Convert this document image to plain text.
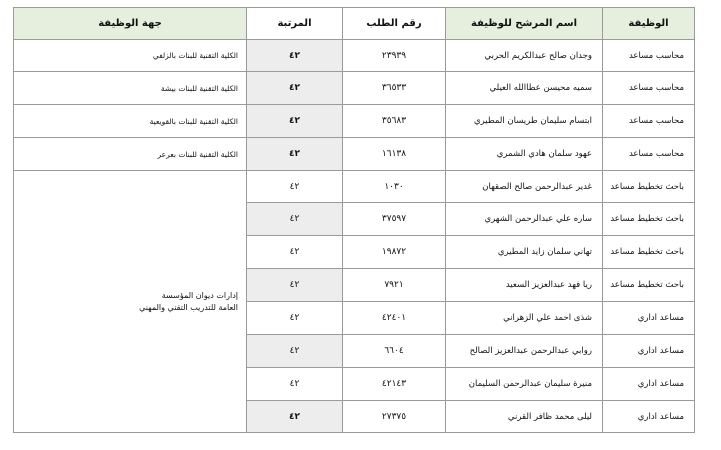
الوظيفة
اسم المرشح للوظيفة
رقم الطلب
المرتبة
جهة الوظيفة
محاسب مساعد
وجدان صالح عبدالكريم الحربي
٢٣٩٣٩
٤٢
الكلية التقنية للبنات بالزلفي
محاسب مساعد
سميه محيسن عطاالله العيلي
٣٦٥٣٣
٤٢
الكلية التقنية للبنات بيشة
محاسب مساعد
ابتسام سليمان طريسان المطيري
٣٥٦٨٣
٤٢
الكلية التقنية للبنات بالقويعية
محاسب مساعد
عهود سلمان هادي الشمري
١٦١٣٨
٤٢
الكلية التقنية للبنات بعرعر
باحث تخطيط مساعد
غدير عبدالرحمن صالح الصقهان
١٠٣٠
٤٢
باحث تخطيط مساعد
ساره علي عبدالرحمن الشهري
٣٧٥٩٧
٤٢
باحث تخطيط مساعد
تهاني سلمان زايد المطيري
١٩٨٧٢
٤٢
باحث تخطيط مساعد
ريا فهد عبدالعزيز السعيد
٧٩٢١
٤٢
مساعد اداري
شذى احمد علي الزهراني
٤٢٤٠١
٤٢
مساعد اداري
روابي عبدالرحمن عبدالعزيز الصالح
٦٦٠٤
٤٢
مساعد اداري
منيرة سليمان عبدالرحمن السليمان
٤٢١٤٣
٤٢
مساعد اداري
ليلى محمد ظافر القرني
٢٧٣٧٥
٤٢
إدارات ديوان المؤسسة
العامة للتدريب التقني والمهني
